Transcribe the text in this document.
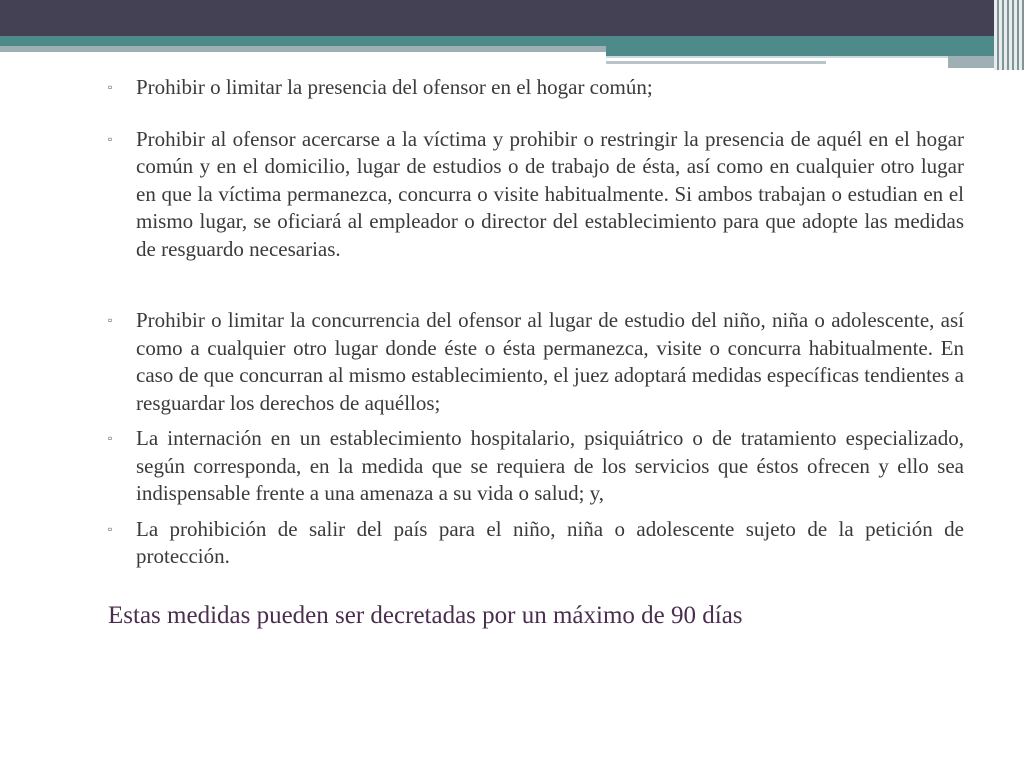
▫ Prohibir o limitar la presencia del ofensor en el hogar común;
▫ Prohibir al ofensor acercarse a la víctima y prohibir o restringir la presencia de aquél en el hogar común y en el domicilio, lugar de estudios o de trabajo de ésta, así como en cualquier otro lugar en que la víctima permanezca, concurra o visite habitualmente. Si ambos trabajan o estudian en el mismo lugar, se oficiará al empleador o director del establecimiento para que adopte las medidas de resguardo necesarias.
▫ Prohibir o limitar la concurrencia del ofensor al lugar de estudio del niño, niña o adolescente, así como a cualquier otro lugar donde éste o ésta permanezca, visite o concurra habitualmente. En caso de que concurran al mismo establecimiento, el juez adoptará medidas específicas tendientes a resguardar los derechos de aquéllos;
▫ La internación en un establecimiento hospitalario, psiquiátrico o de tratamiento especializado, según corresponda, en la medida que se requiera de los servicios que éstos ofrecen y ello sea indispensable frente a una amenaza a su vida o salud; y,
▫ La prohibición de salir del país para el niño, niña o adolescente sujeto de la petición de protección.
Estas medidas pueden ser decretadas por un máximo de 90 días
